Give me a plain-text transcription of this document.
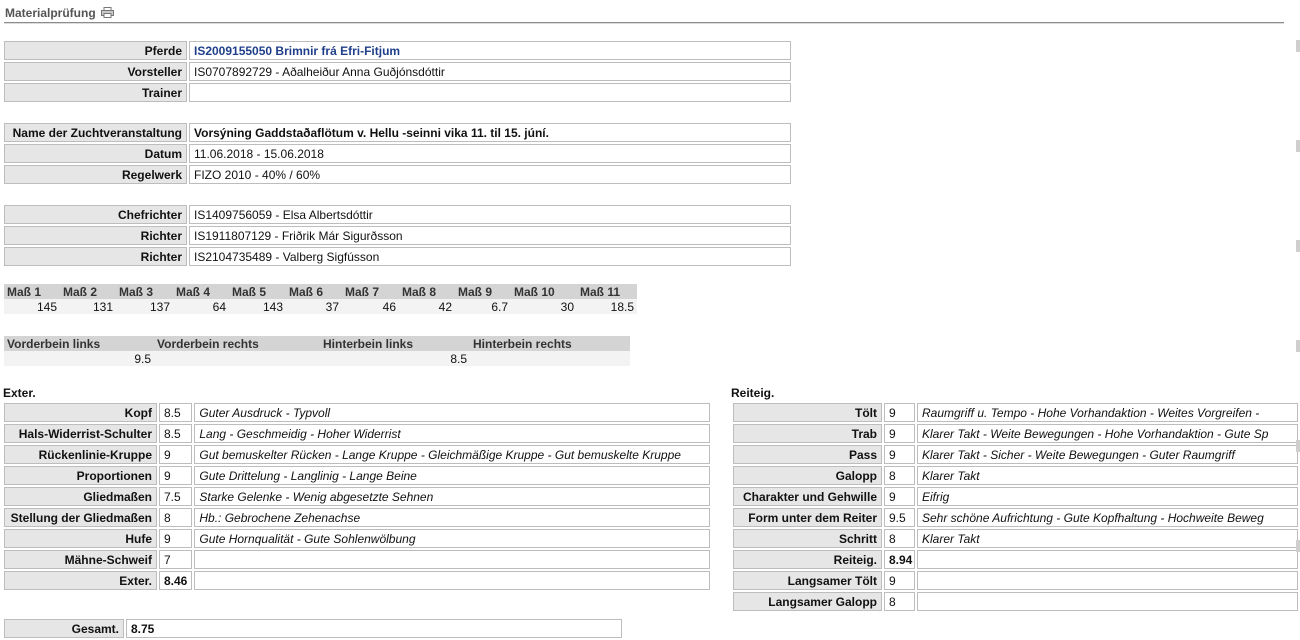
Materialprüfung
Pferde	IS2009155050 Brimnir frá Efri-Fitjum
Vorsteller	IS0707892729 - Aðalheiður Anna Guðjónsdóttir
Trainer	
Name der Zuchtveranstaltung	Vorsýning Gaddstaðaflötum v. Hellu -seinni vika 11. til 15. júní.
Datum	11.06.2018 - 15.06.2018
Regelwerk	FIZO 2010 - 40% / 60%
Chefrichter	IS1409756059 - Elsa Albertsdóttir
Richter	IS1911807129 - Friðrik Már Sigurðsson
Richter	IS2104735489 - Valberg Sigfússon
Maß 1	Maß 2	Maß 3	Maß 4	Maß 5	Maß 6	Maß 7	Maß 8	Maß 9	Maß 10	Maß 11
145	131	137	64	143	37	46	42	6.7	30	18.5
Vorderbein links	Vorderbein rechts	Hinterbein links	Hinterbein rechts
9.5		8.5	
Exter.	Reiteig.
Kopf	8.5	Guter Ausdruck - Typvoll
Hals-Widerrist-Schulter	8.5	Lang - Geschmeidig - Hoher Widerrist
Rückenlinie-Kruppe	9	Gut bemuskelter Rücken - Lange Kruppe - Gleichmäßige Kruppe - Gut bemuskelte Kruppe
Proportionen	9	Gute Drittelung - Langlinig - Lange Beine
Gliedmaßen	7.5	Starke Gelenke - Wenig abgesetzte Sehnen
Stellung der Gliedmaßen	8	Hb.: Gebrochene Zehenachse
Hufe	9	Gute Hornqualität - Gute Sohlenwölbung
Mähne-Schweif	7	
Exter.	8.46	
Tölt	9	Raumgriff u. Tempo - Hohe Vorhandaktion - Weites Vorgreifen -
Trab	9	Klarer Takt - Weite Bewegungen - Hohe Vorhandaktion - Gute Sp
Pass	9	Klarer Takt - Sicher - Weite Bewegungen - Guter Raumgriff
Galopp	8	Klarer Takt
Charakter und Gehwille	9	Eifrig
Form unter dem Reiter	9.5	Sehr schöne Aufrichtung - Gute Kopfhaltung - Hochweite Beweg
Schritt	8	Klarer Takt
Reiteig.	8.94	
Langsamer Tölt	9	
Langsamer Galopp	8	
Gesamt.	8.75
